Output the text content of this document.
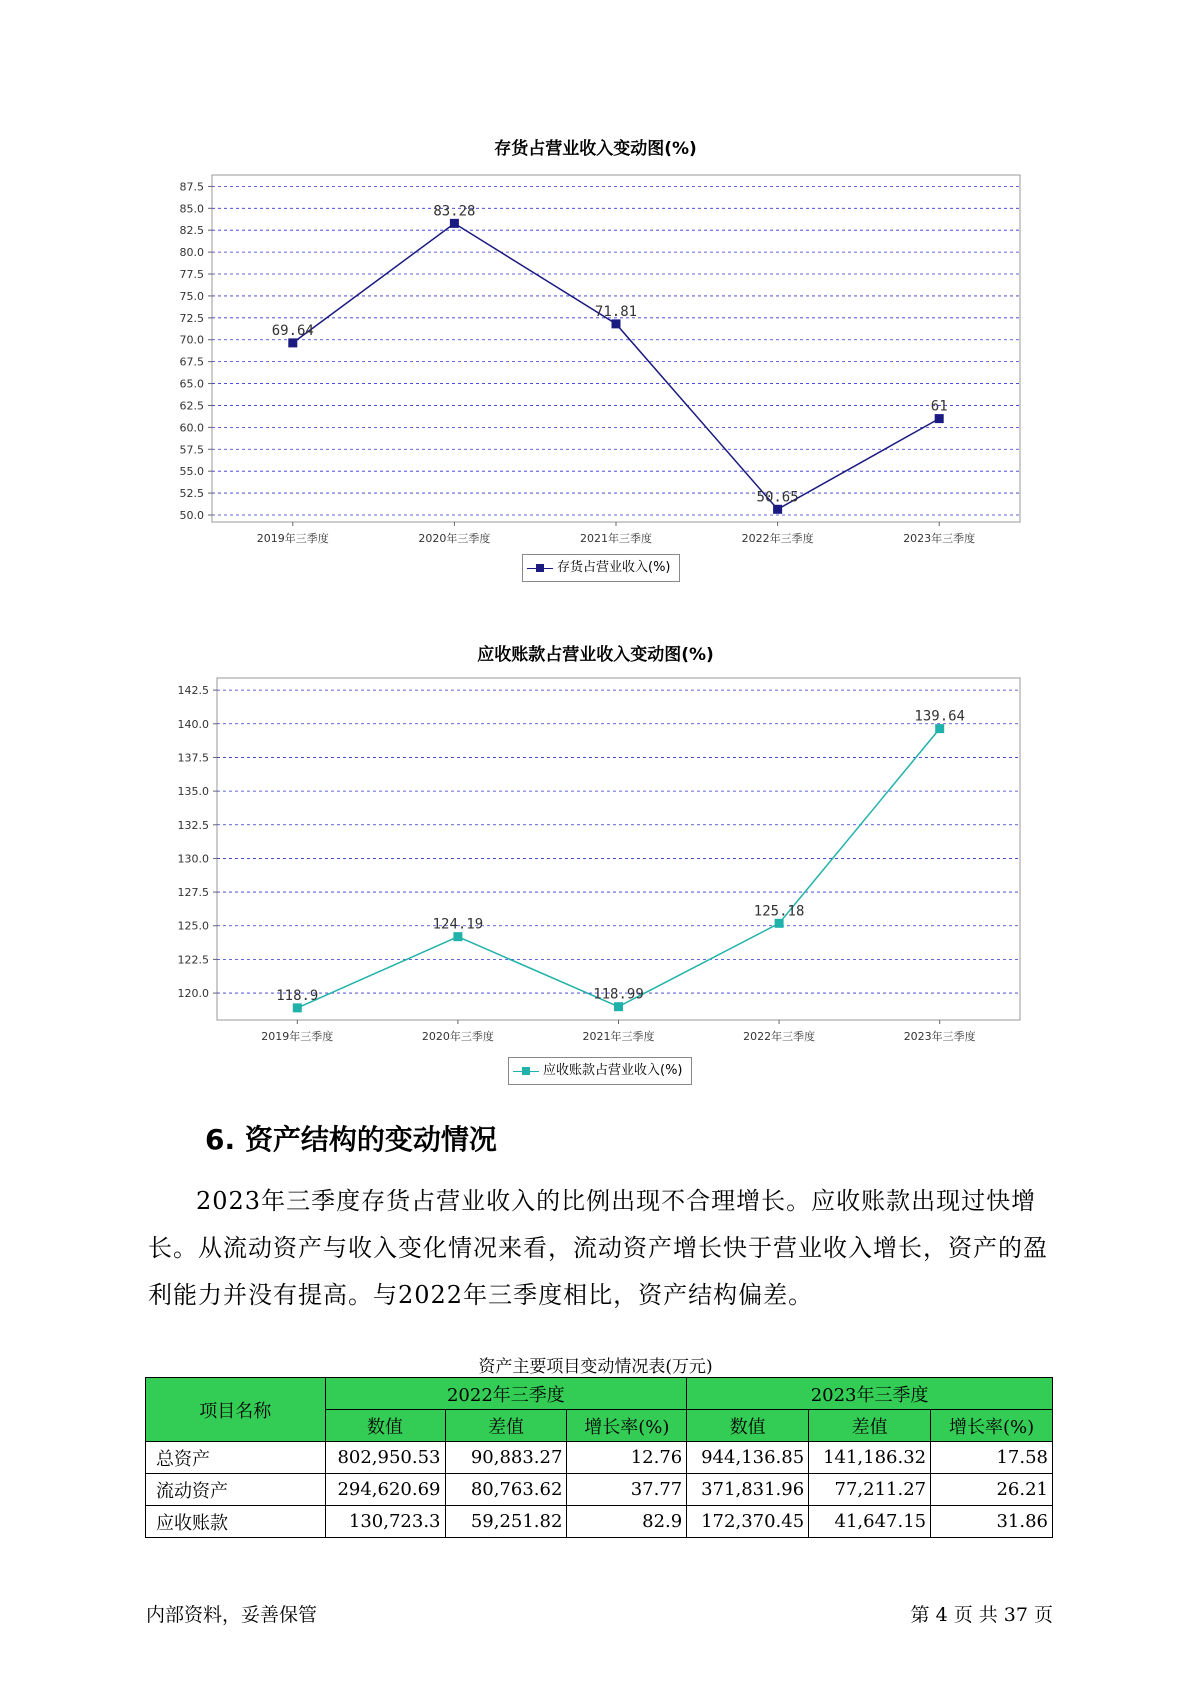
存货占营业收入变动图(%)
50.0
52.5
55.0
57.5
60.0
62.5
65.0
67.5
70.0
72.5
75.0
77.5
80.0
82.5
85.0
87.5
2019年三季度	2020年三季度	2021年三季度	2022年三季度	2023年三季度
69.64
83.28
71.81
50.65
61
存货占营业收入(%)
应收账款占营业收入变动图(%)
120.0
122.5
125.0
127.5
130.0
132.5
135.0
137.5
140.0
142.5
2019年三季度	2020年三季度	2021年三季度	2022年三季度	2023年三季度
118.9
124.19
118.99
125.18
139.64
应收账款占营业收入(%)
6. 资产结构的变动情况
2023年三季度存货占营业收入的比例出现不合理增长。应收账款出现过快增长。从流动资产与收入变化情况来看，流动资产增长快于营业收入增长，资产的盈利能力并没有提高。与2022年三季度相比，资产结构偏差。
资产主要项目变动情况表(万元)
项目名称	2022年三季度			2023年三季度		
	数值	差值	增长率(%)	数值	差值	增长率(%)
总资产	802,950.53	90,883.27	12.76	944,136.85	141,186.32	17.58
流动资产	294,620.69	80,763.62	37.77	371,831.96	77,211.27	26.21
应收账款	130,723.3	59,251.82	82.9	172,370.45	41,647.15	31.86
内部资料，妥善保管	第 4 页 共 37 页
